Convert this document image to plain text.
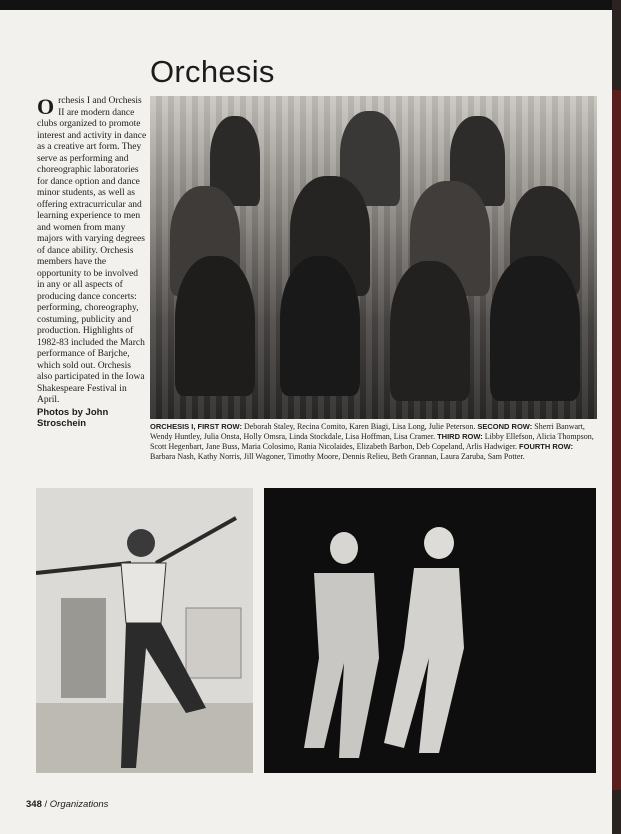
Orchesis
Orchesis I and Orchesis II are modern dance clubs organized to promote interest and activity in dance as a creative art form. They serve as performing and choreographic laboratories for dance option and dance minor students, as well as offering extracurricular and learning experience to men and women from many majors with varying degrees of dance ability. Orchesis members have the opportunity to be involved in any or all aspects of producing dance concerts: performing, choreography, costuming, publicity and production. Highlights of 1982-83 included the March performance of Barjche, which sold out. Orchesis also participated in the Iowa Shakespeare Festival in April.
Photos by John Stroschein	ORCHESIS I, FIRST ROW: Deborah Staley, Recina Comito, Karen Biagi, Lisa Long, Julie Peterson. SECOND ROW: Sherri Banwart, Wendy Huntley, Julia Onsta, Holly Omsra, Linda Stockdale, Lisa Hoffman, Lisa Cramer. THIRD ROW: Libby Ellefson, Alicia Thompson, Scott Hegenbart, Jane Buss, Maria Colosimo, Rania Nicolaides, Elizabeth Barbon, Deb Copeland, Arlis Hadwiger. FOURTH ROW: Barbara Nash, Kathy Norris, Jill Wagoner, Timothy Moore, Dennis Relieu, Beth Grannan, Laura Zaruba, Sam Potter.
348 / Organizations
